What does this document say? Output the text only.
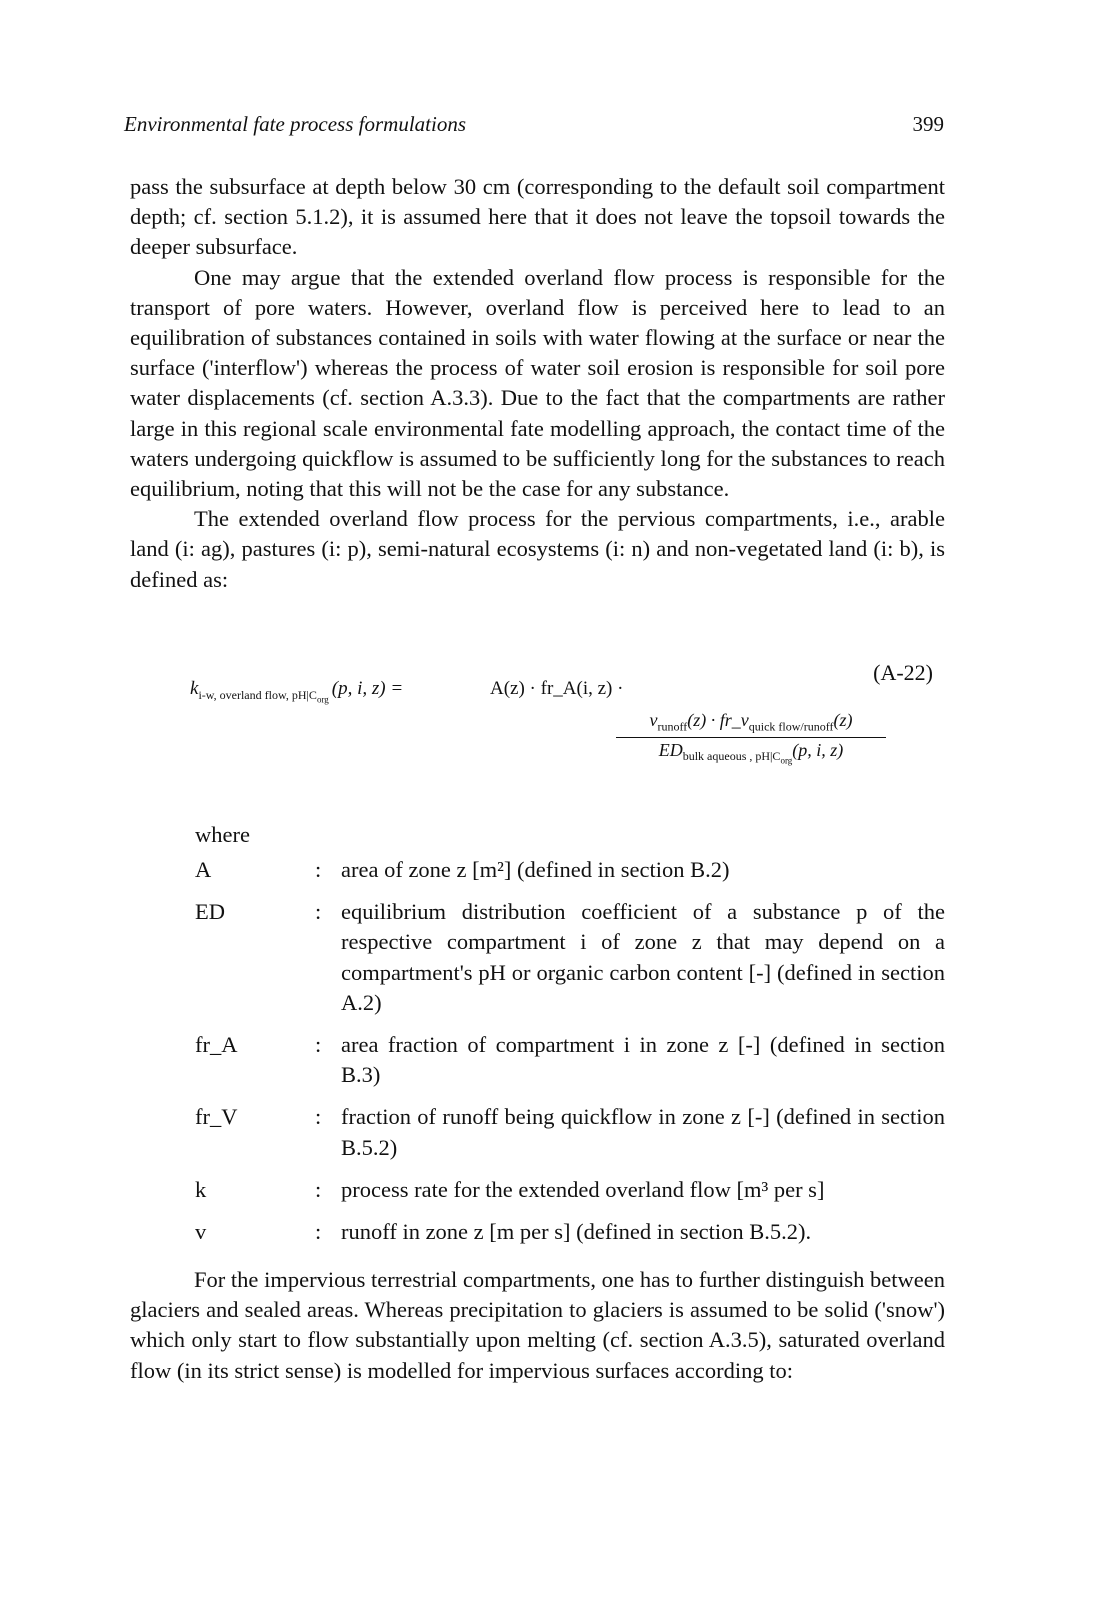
Environmental fate process formulations	399

pass the subsurface at depth below 30 cm (corresponding to the default soil compartment depth; cf. section 5.1.2), it is assumed here that it does not leave the topsoil towards the deeper subsurface.

One may argue that the extended overland flow process is responsible for the transport of pore waters. However, overland flow is perceived here to lead to an equilibration of substances contained in soils with water flowing at the surface or near the surface ('interflow') whereas the process of water soil erosion is responsible for soil pore water displacements (cf. section A.3.3). Due to the fact that the compartments are rather large in this regional scale environmental fate modelling approach, the contact time of the waters undergoing quickflow is assumed to be sufficiently long for the substances to reach equilibrium, noting that this will not be the case for any substance.

The extended overland flow process for the pervious compartments, i.e., arable land (i: ag), pastures (i: p), semi-natural ecosystems (i: n) and non-vegetated land (i: b), is defined as:

(A-22)
$k_{i-w, overland flow, pH|C_{org}}(p$, i, z) =	A(z) · fr_A(i, z) ·
$v_{runoff}(z)$ · $fr\_v_{quick flow/runoff}(z)$
$ED_{bulk aqueous , pH|C_{org}}(p$, i, z)
where
A	: area of zone z [m²] (defined in section B.2)
ED	: equilibrium distribution coefficient of a substance p of the respective compartment i of zone z that may depend on a compartment's pH or organic carbon content [-] (defined in section A.2)
fr_A	: area fraction of compartment i in zone z [-] (defined in section B.3)
fr_V	: fraction of runoff being quickflow in zone z [-] (defined in section B.5.2)
k	: process rate for the extended overland flow [m³ per s]
v	: runoff in zone z [m per s] (defined in section B.5.2).

For the impervious terrestrial compartments, one has to further distinguish between glaciers and sealed areas. Whereas precipitation to glaciers is assumed to be solid ('snow') which only start to flow substantially upon melting (cf. section A.3.5), saturated overland flow (in its strict sense) is modelled for impervious surfaces according to:
